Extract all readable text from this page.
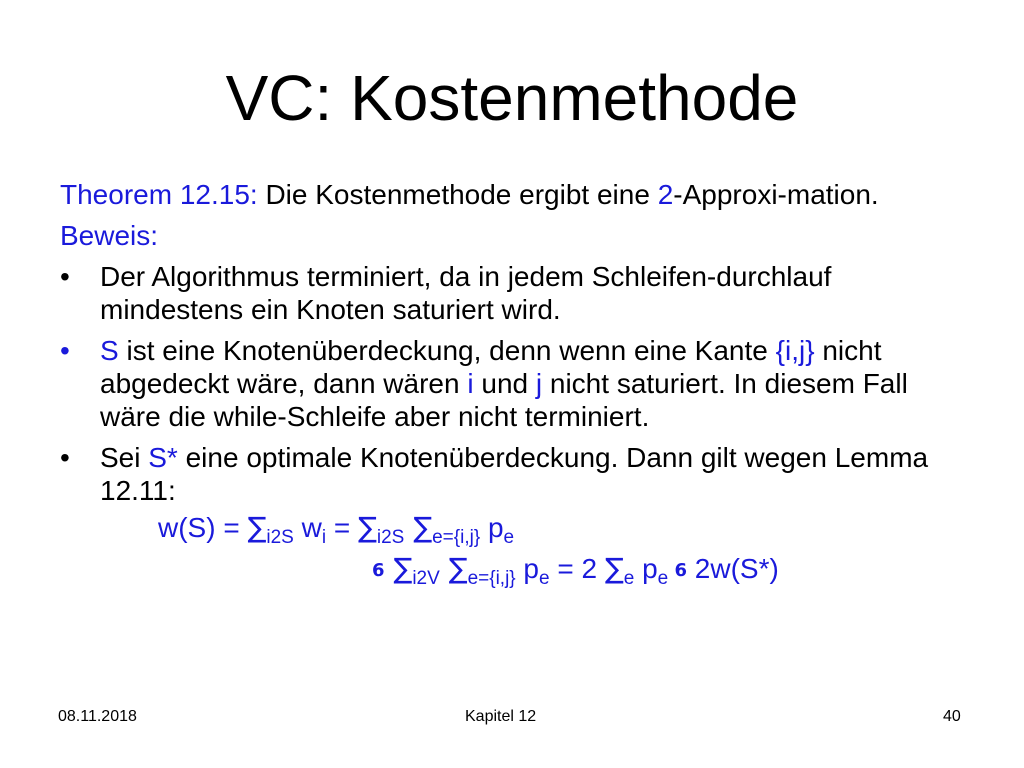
VC: Kostenmethode

Theorem 12.15: Die Kostenmethode ergibt eine 2-Approxi-mation.

Beweis:

•	Der Algorithmus terminiert, da in jedem Schleifen-durchlauf mindestens ein Knoten saturiert wird.
•	S ist eine Knotenüberdeckung, denn wenn eine Kante {i,j} nicht abgedeckt wäre, dann wären i und j nicht saturiert. In diesem Fall wäre die while-Schleife aber nicht terminiert.
•	Sei S* eine optimale Knotenüberdeckung. Dann gilt wegen Lemma 12.11:
$w(S) = \sum_{i2S}$ $w_i = \sum_{i2S}$ $\sum_{e=\{i,j\}}$ $p_e$
6 $\sum_{i2V}$ $\sum_{e=\{i,j\}}$ $p_e = 2$ $\sum_e$ $p_e$ 6 2w(S*)
08.11.2018	Kapitel 12	40
